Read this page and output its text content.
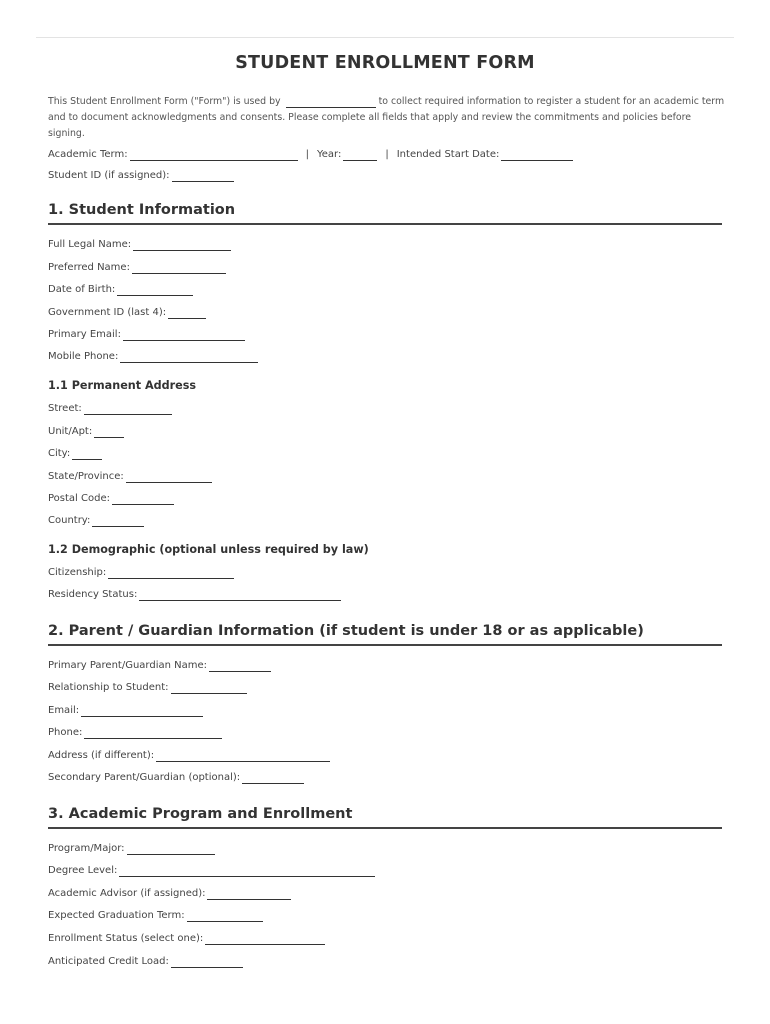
STUDENT ENROLLMENT FORM
This Student Enrollment Form ("Form") is used by	to collect required information to register a student for an academic term and to document acknowledgments and consents. Please complete all fields that apply and review the commitments and policies before signing.
Academic Term:	| Year:	| Intended Start Date:
Student ID (if assigned):
1. Student Information
Full Legal Name:
Preferred Name:
Date of Birth:
Government ID (last 4):
Primary Email:
Mobile Phone:
1.1 Permanent Address
Street:
Unit/Apt:
City:
State/Province:
Postal Code:
Country:
1.2 Demographic (optional unless required by law)
Citizenship:
Residency Status:
2. Parent / Guardian Information (if student is under 18 or as applicable)
Primary Parent/Guardian Name:
Relationship to Student:
Email:
Phone:
Address (if different):
Secondary Parent/Guardian (optional):
3. Academic Program and Enrollment
Program/Major:
Degree Level:
Academic Advisor (if assigned):
Expected Graduation Term:
Enrollment Status (select one):
Anticipated Credit Load:
